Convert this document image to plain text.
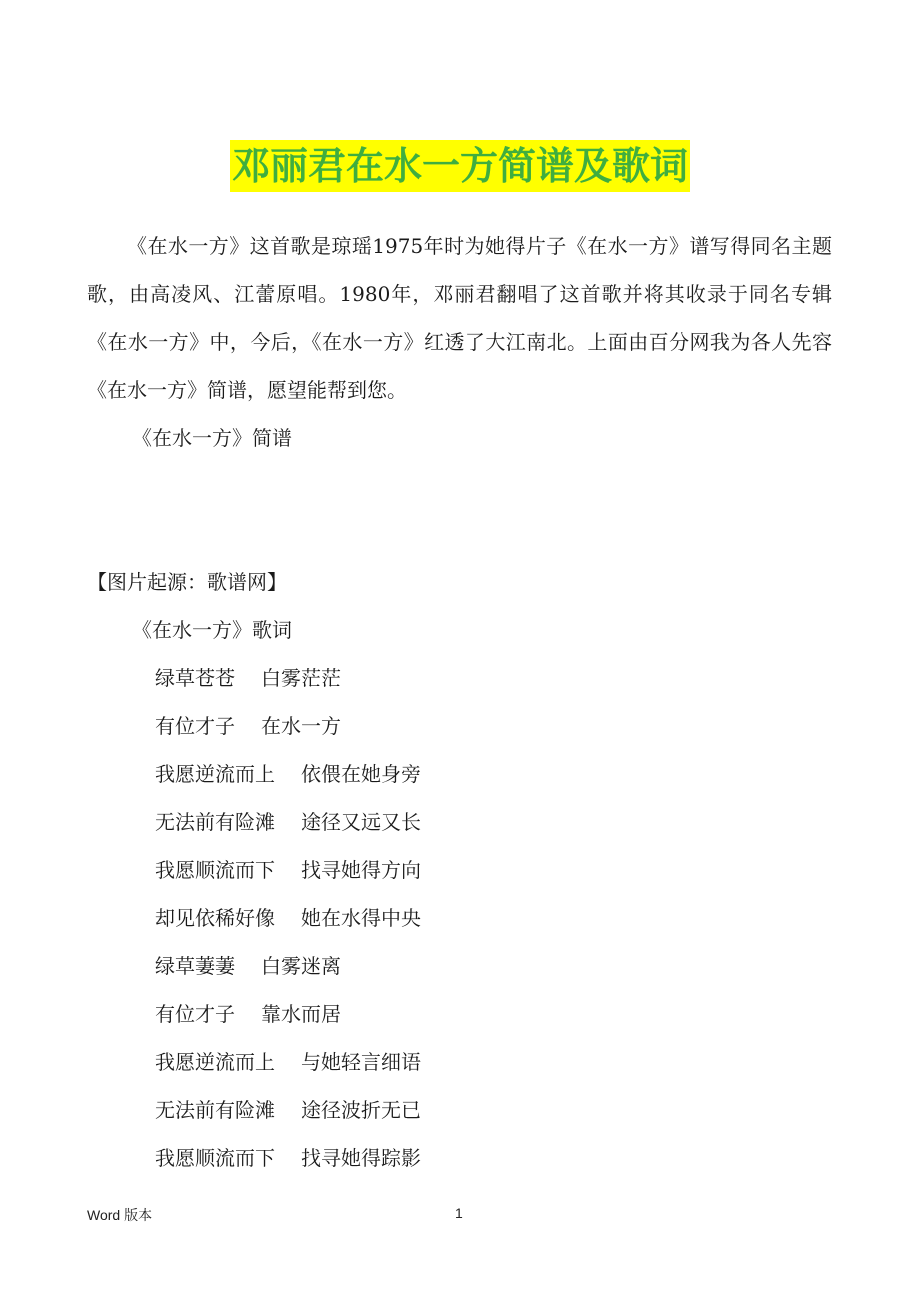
邓丽君在水一方简谱及歌词

《在水一方》这首歌是琼瑶1975年时为她得片子《在水一方》谱写得同名主题歌，由高凌风、江蕾原唱。1980年，邓丽君翻唱了这首歌并将其收录于同名专辑《在水一方》中，今后，《在水一方》红透了大江南北。上面由百分网我为各人先容《在水一方》简谱，愿望能帮到您。

《在水一方》简谱

【图片起源：歌谱网】

《在水一方》歌词

绿草苍苍 白雾茫茫

有位才子 在水一方

我愿逆流而上 依偎在她身旁

无法前有险滩 途径又远又长

我愿顺流而下 找寻她得方向

却见依稀好像 她在水得中央

绿草萋萋 白雾迷离

有位才子 靠水而居

我愿逆流而上 与她轻言细语

无法前有险滩 途径波折无已

我愿顺流而下 找寻她得踪影

Word 版本	1
